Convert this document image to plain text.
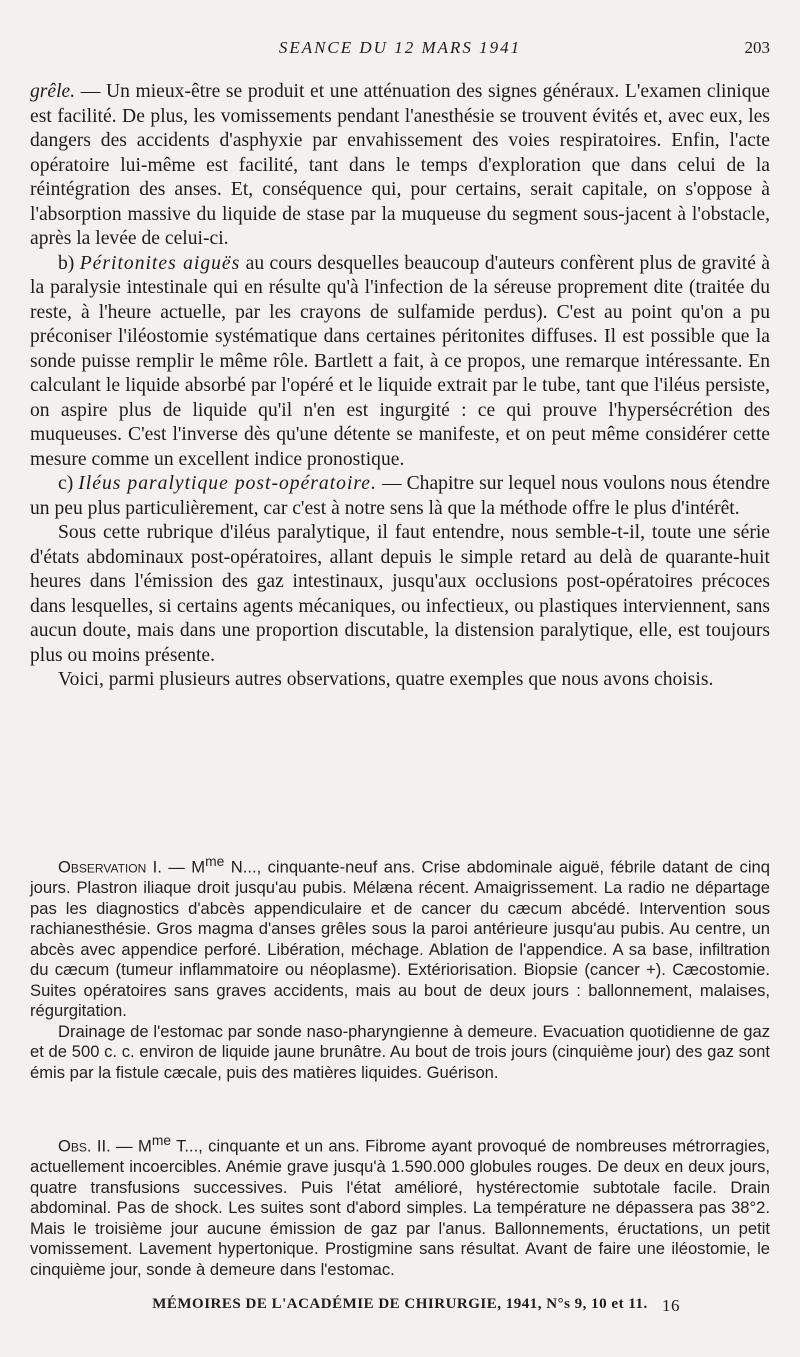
SEANCE DU 12 MARS 1941	203

grêle. — Un mieux-être se produit et une atténuation des signes généraux. L'examen clinique est facilité. De plus, les vomissements pendant l'anesthésie se trouvent évités et, avec eux, les dangers des accidents d'asphyxie par envahissement des voies respiratoires. Enfin, l'acte opératoire lui-même est facilité, tant dans le temps d'exploration que dans celui de la réintégration des anses. Et, conséquence qui, pour certains, serait capitale, on s'oppose à l'absorption massive du liquide de stase par la muqueuse du segment sous-jacent à l'obstacle, après la levée de celui-ci.

b) Péritonites aiguës au cours desquelles beaucoup d'auteurs confèrent plus de gravité à la paralysie intestinale qui en résulte qu'à l'infection de la séreuse proprement dite (traitée du reste, à l'heure actuelle, par les crayons de sulfamide perdus). C'est au point qu'on a pu préconiser l'iléostomie systématique dans certaines péritonites diffuses. Il est possible que la sonde puisse remplir le même rôle. Bartlett a fait, à ce propos, une remarque intéressante. En calculant le liquide absorbé par l'opéré et le liquide extrait par le tube, tant que l'iléus persiste, on aspire plus de liquide qu'il n'en est ingurgité : ce qui prouve l'hypersécrétion des muqueuses. C'est l'inverse dès qu'une détente se manifeste, et on peut même considérer cette mesure comme un excellent indice pronostique.

c) Iléus paralytique post-opératoire. — Chapitre sur lequel nous voulons nous étendre un peu plus particulièrement, car c'est à notre sens là que la méthode offre le plus d'intérêt.

Sous cette rubrique d'iléus paralytique, il faut entendre, nous semble-t-il, toute une série d'états abdominaux post-opératoires, allant depuis le simple retard au delà de quarante-huit heures dans l'émission des gaz intestinaux, jusqu'aux occlusions post-opératoires précoces dans lesquelles, si certains agents mécaniques, ou infectieux, ou plastiques interviennent, sans aucun doute, mais dans une proportion discutable, la distension paralytique, elle, est toujours plus ou moins présente.

Voici, parmi plusieurs autres observations, quatre exemples que nous avons choisis.

Observation I. — $M^{me}$ N..., cinquante-neuf ans. Crise abdominale aiguë, fébrile datant de cinq jours. Plastron iliaque droit jusqu'au pubis. Mélæna récent. Amaigrissement. La radio ne départage pas les diagnostics d'abcès appendiculaire et de cancer du cæcum abcédé. Intervention sous rachianesthésie. Gros magma d'anses grêles sous la paroi antérieure jusqu'au pubis. Au centre, un abcès avec appendice perforé. Libération, méchage. Ablation de l'appendice. A sa base, infiltration du cæcum (tumeur inflammatoire ou néoplasme). Extériorisation. Biopsie (cancer +). Cæcostomie. Suites opératoires sans graves accidents, mais au bout de deux jours : ballonnement, malaises, régurgitation.

Drainage de l'estomac par sonde naso-pharyngienne à demeure. Evacuation quotidienne de gaz et de 500 c. c. environ de liquide jaune brunâtre. Au bout de trois jours (cinquième jour) des gaz sont émis par la fistule cæcale, puis des matières liquides. Guérison.

Obs. II. — $M^{me}$ T..., cinquante et un ans. Fibrome ayant provoqué de nombreuses métrorragies, actuellement incoercibles. Anémie grave jusqu'à 1.590.000 globules rouges. De deux en deux jours, quatre transfusions successives. Puis l'état amélioré, hystérectomie subtotale facile. Drain abdominal. Pas de shock. Les suites sont d'abord simples. La température ne dépassera pas 38°2. Mais le troisième jour aucune émission de gaz par l'anus. Ballonnements, éructations, un petit vomissement. Lavement hypertonique. Prostigmine sans résultat. Avant de faire une iléostomie, le cinquième jour, sonde à demeure dans l'estomac.

MÉMOIRES DE L'ACADÉMIE DE CHIRURGIE, 1941, N°s 9, 10 et 11. 16
